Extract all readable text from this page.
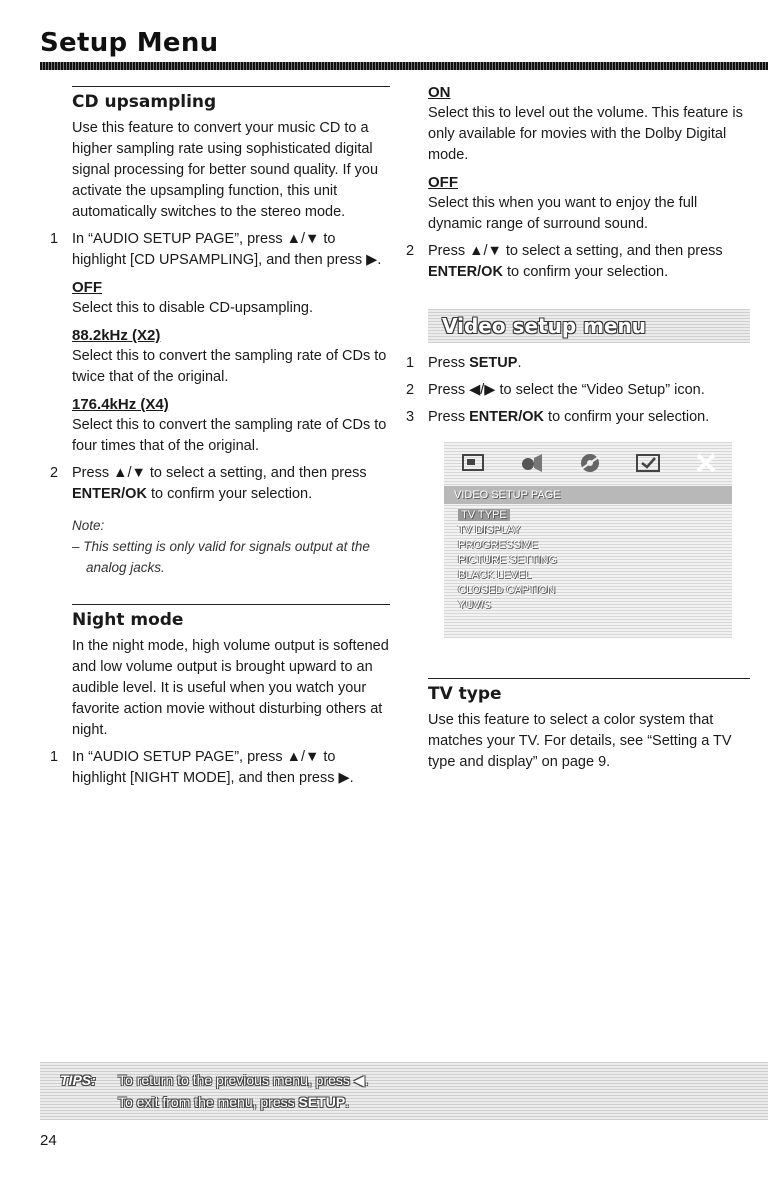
Setup Menu
CD upsampling

Use this feature to convert your music CD to a higher sampling rate using sophisticated digital signal processing for better sound quality. If you activate the upsampling function, this unit automatically switches to the stereo mode.

1 In “AUDIO SETUP PAGE”, press ▲/▼ to highlight [CD UPSAMPLING], and then press ▶.

OFF

Select this to disable CD-upsampling.

88.2kHz (X2)

Select this to convert the sampling rate of CDs to twice that of the original.

176.4kHz (X4)

Select this to convert the sampling rate of CDs to four times that of the original.

2 Press ▲/▼ to select a setting, and then press ENTER/OK to confirm your selection.

Note:
– This setting is only valid for signals output at the analog jacks.
Night mode

In the night mode, high volume output is softened and low volume output is brought upward to an audible level. It is useful when you watch your favorite action movie without disturbing others at night.

1 In “AUDIO SETUP PAGE”, press ▲/▼ to highlight [NIGHT MODE], and then press ▶.

ON

Select this to level out the volume. This feature is only available for movies with the Dolby Digital mode.

OFF

Select this when you want to enjoy the full dynamic range of surround sound.

2 Press ▲/▼ to select a setting, and then press ENTER/OK to confirm your selection.

Video setup menu
1 Press SETUP.

2 Press ◀/▶ to select the “Video Setup” icon.

3 Press ENTER/OK to confirm your selection.

VIDEO SETUP PAGE
TV TYPE
TV DISPLAY
PROGRESSIVE
PICTURE SETTING
BLACK LEVEL
CLOSED CAPTION
YUV/S
TV type

Use this feature to select a color system that matches your TV. For details, see “Setting a TV type and display” on page 9.

TIPS: To return to the previous menu, press ◀.
To exit from the menu, press SETUP.
24
